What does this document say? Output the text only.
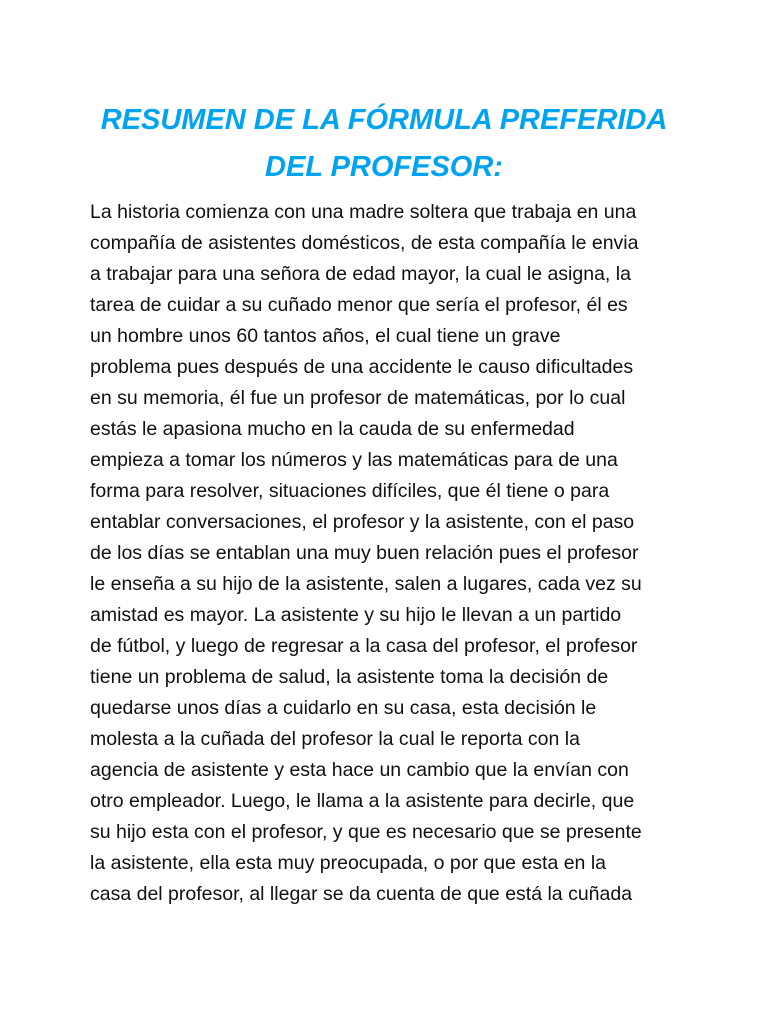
RESUMEN DE LA FÓRMULA PREFERIDA
DEL PROFESOR:
La historia comienza con una madre soltera que trabaja en una
compañía de asistentes domésticos, de esta compañía le envia
a trabajar para una señora de edad mayor, la cual le asigna, la
tarea de cuidar a su cuñado menor que sería el profesor, él es
un hombre unos 60 tantos años, el cual tiene un grave
problema pues después de una accidente le causo dificultades
en su memoria, él fue un profesor de matemáticas, por lo cual
estás le apasiona mucho en la cauda de su enfermedad
empieza a tomar los números y las matemáticas para de una
forma para resolver, situaciones difíciles, que él tiene o para
entablar conversaciones, el profesor y la asistente, con el paso
de los días se entablan una muy buen relación pues el profesor
le enseña a su hijo de la asistente, salen a lugares, cada vez su
amistad es mayor. La asistente y su hijo le llevan a un partido
de fútbol, y luego de regresar a la casa del profesor, el profesor
tiene un problema de salud, la asistente toma la decisión de
quedarse unos días a cuidarlo en su casa, esta decisión le
molesta a la cuñada del profesor la cual le reporta con la
agencia de asistente y esta hace un cambio que la envían con
otro empleador. Luego, le llama a la asistente para decirle, que
su hijo esta con el profesor, y que es necesario que se presente
la asistente, ella esta muy preocupada, o por que esta en la
casa del profesor, al llegar se da cuenta de que está la cuñada
